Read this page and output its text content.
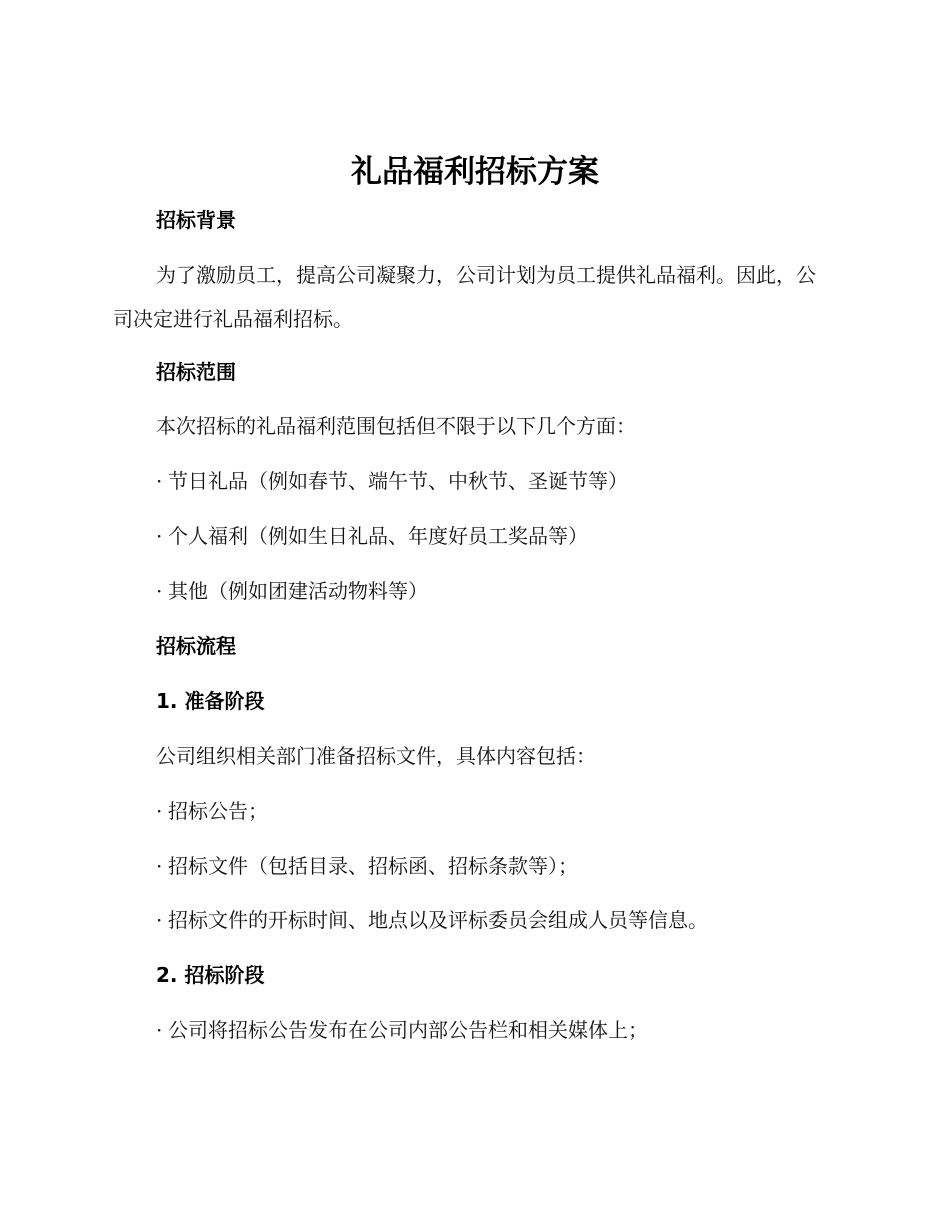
礼品福利招标方案
招标背景

为了激励员工，提高公司凝聚力，公司计划为员工提供礼品福利。因此，公司决定进行礼品福利招标。

招标范围
本次招标的礼品福利范围包括但不限于以下几个方面：
· 节日礼品（例如春节、端午节、中秋节、圣诞节等）
· 个人福利（例如生日礼品、年度好员工奖品等）
· 其他（例如团建活动物料等）
招标流程
1. 准备阶段
公司组织相关部门准备招标文件，具体内容包括：
· 招标公告；
· 招标文件（包括目录、招标函、招标条款等）；
· 招标文件的开标时间、地点以及评标委员会组成人员等信息。
2. 招标阶段
· 公司将招标公告发布在公司内部公告栏和相关媒体上；
